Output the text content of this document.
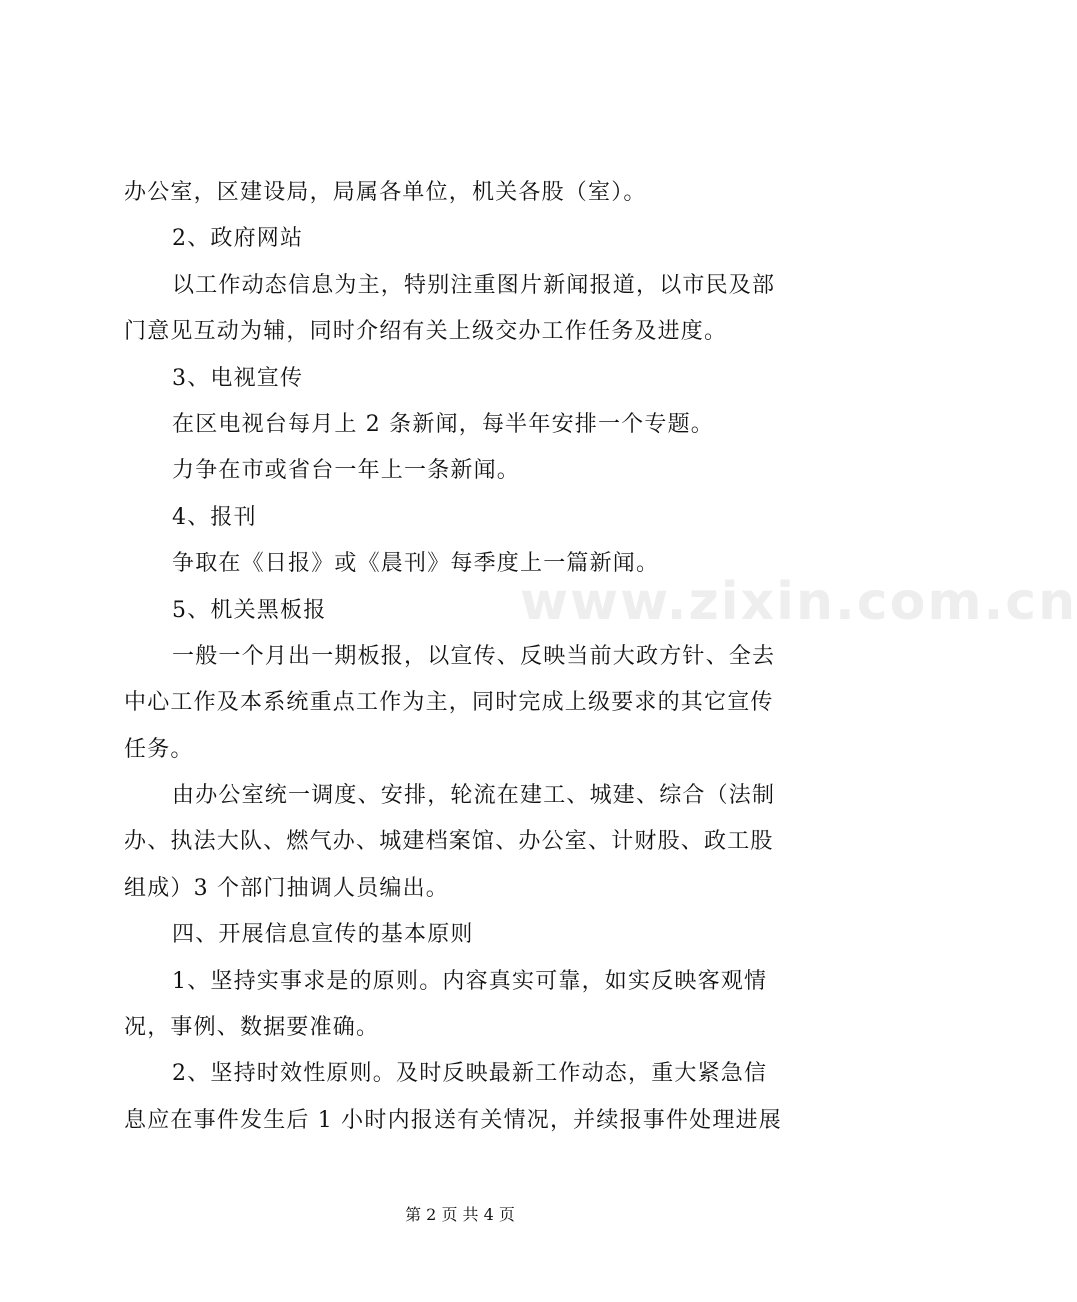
www.zixin.com.cn
办公室，区建设局，局属各单位，机关各股（室）。
2、政府网站
以工作动态信息为主，特别注重图片新闻报道，以市民及部
门意见互动为辅，同时介绍有关上级交办工作任务及进度。
3、电视宣传
在区电视台每月上 2 条新闻，每半年安排一个专题。
力争在市或省台一年上一条新闻。
4、报刊
争取在《日报》或《晨刊》每季度上一篇新闻。
5、机关黑板报
一般一个月出一期板报，以宣传、反映当前大政方针、全去
中心工作及本系统重点工作为主，同时完成上级要求的其它宣传
任务。
由办公室统一调度、安排，轮流在建工、城建、综合（法制
办、执法大队、燃气办、城建档案馆、办公室、计财股、政工股
组成）3 个部门抽调人员编出。
四、开展信息宣传的基本原则
1、坚持实事求是的原则。内容真实可靠，如实反映客观情
况，事例、数据要准确。
2、坚持时效性原则。及时反映最新工作动态，重大紧急信
息应在事件发生后 1 小时内报送有关情况，并续报事件处理进展
第 2 页 共 4 页
